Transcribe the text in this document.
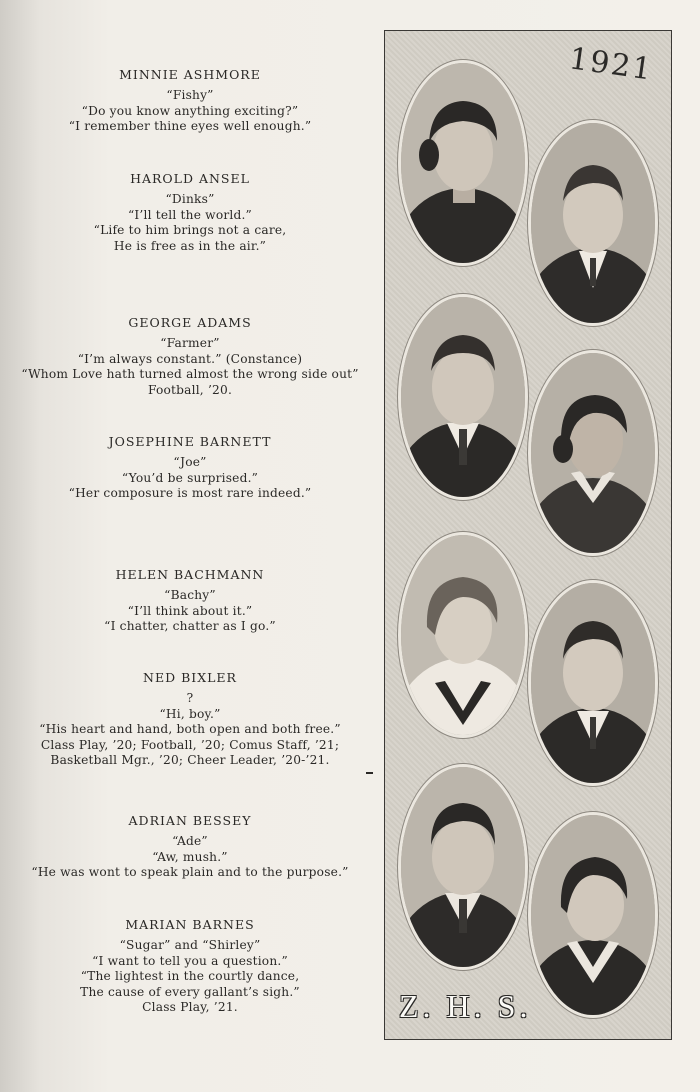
MINNIE ASHMORE
“Fishy”
“Do you know anything exciting?”
“I remember thine eyes well enough.”
HAROLD ANSEL
“Dinks”
“I’ll tell the world.”
“Life to him brings not a care,
He is free as in the air.”
GEORGE ADAMS
“Farmer”
“I’m always constant.” (Constance)
“Whom Love hath turned almost the wrong side out”
Football, ’20.
JOSEPHINE BARNETT
“Joe”
“You’d be surprised.”
“Her composure is most rare indeed.”
HELEN BACHMANN
“Bachy”
“I’ll think about it.”
“I chatter, chatter as I go.”
NED BIXLER
?
“Hi, boy.”
“His heart and hand, both open and both free.”
Class Play, ’20; Football, ’20; Comus Staff, ’21;
Basketball Mgr., ’20; Cheer Leader, ’20-’21.
ADRIAN BESSEY
“Ade”
“Aw, mush.”
“He was wont to speak plain and to the purpose.”
MARIAN BARNES
“Sugar” and “Shirley”
“I want to tell you a question.”
“The lightest in the courtly dance,
The cause of every gallant’s sigh.”
Class Play, ’21.
1921
Z. H. S.
